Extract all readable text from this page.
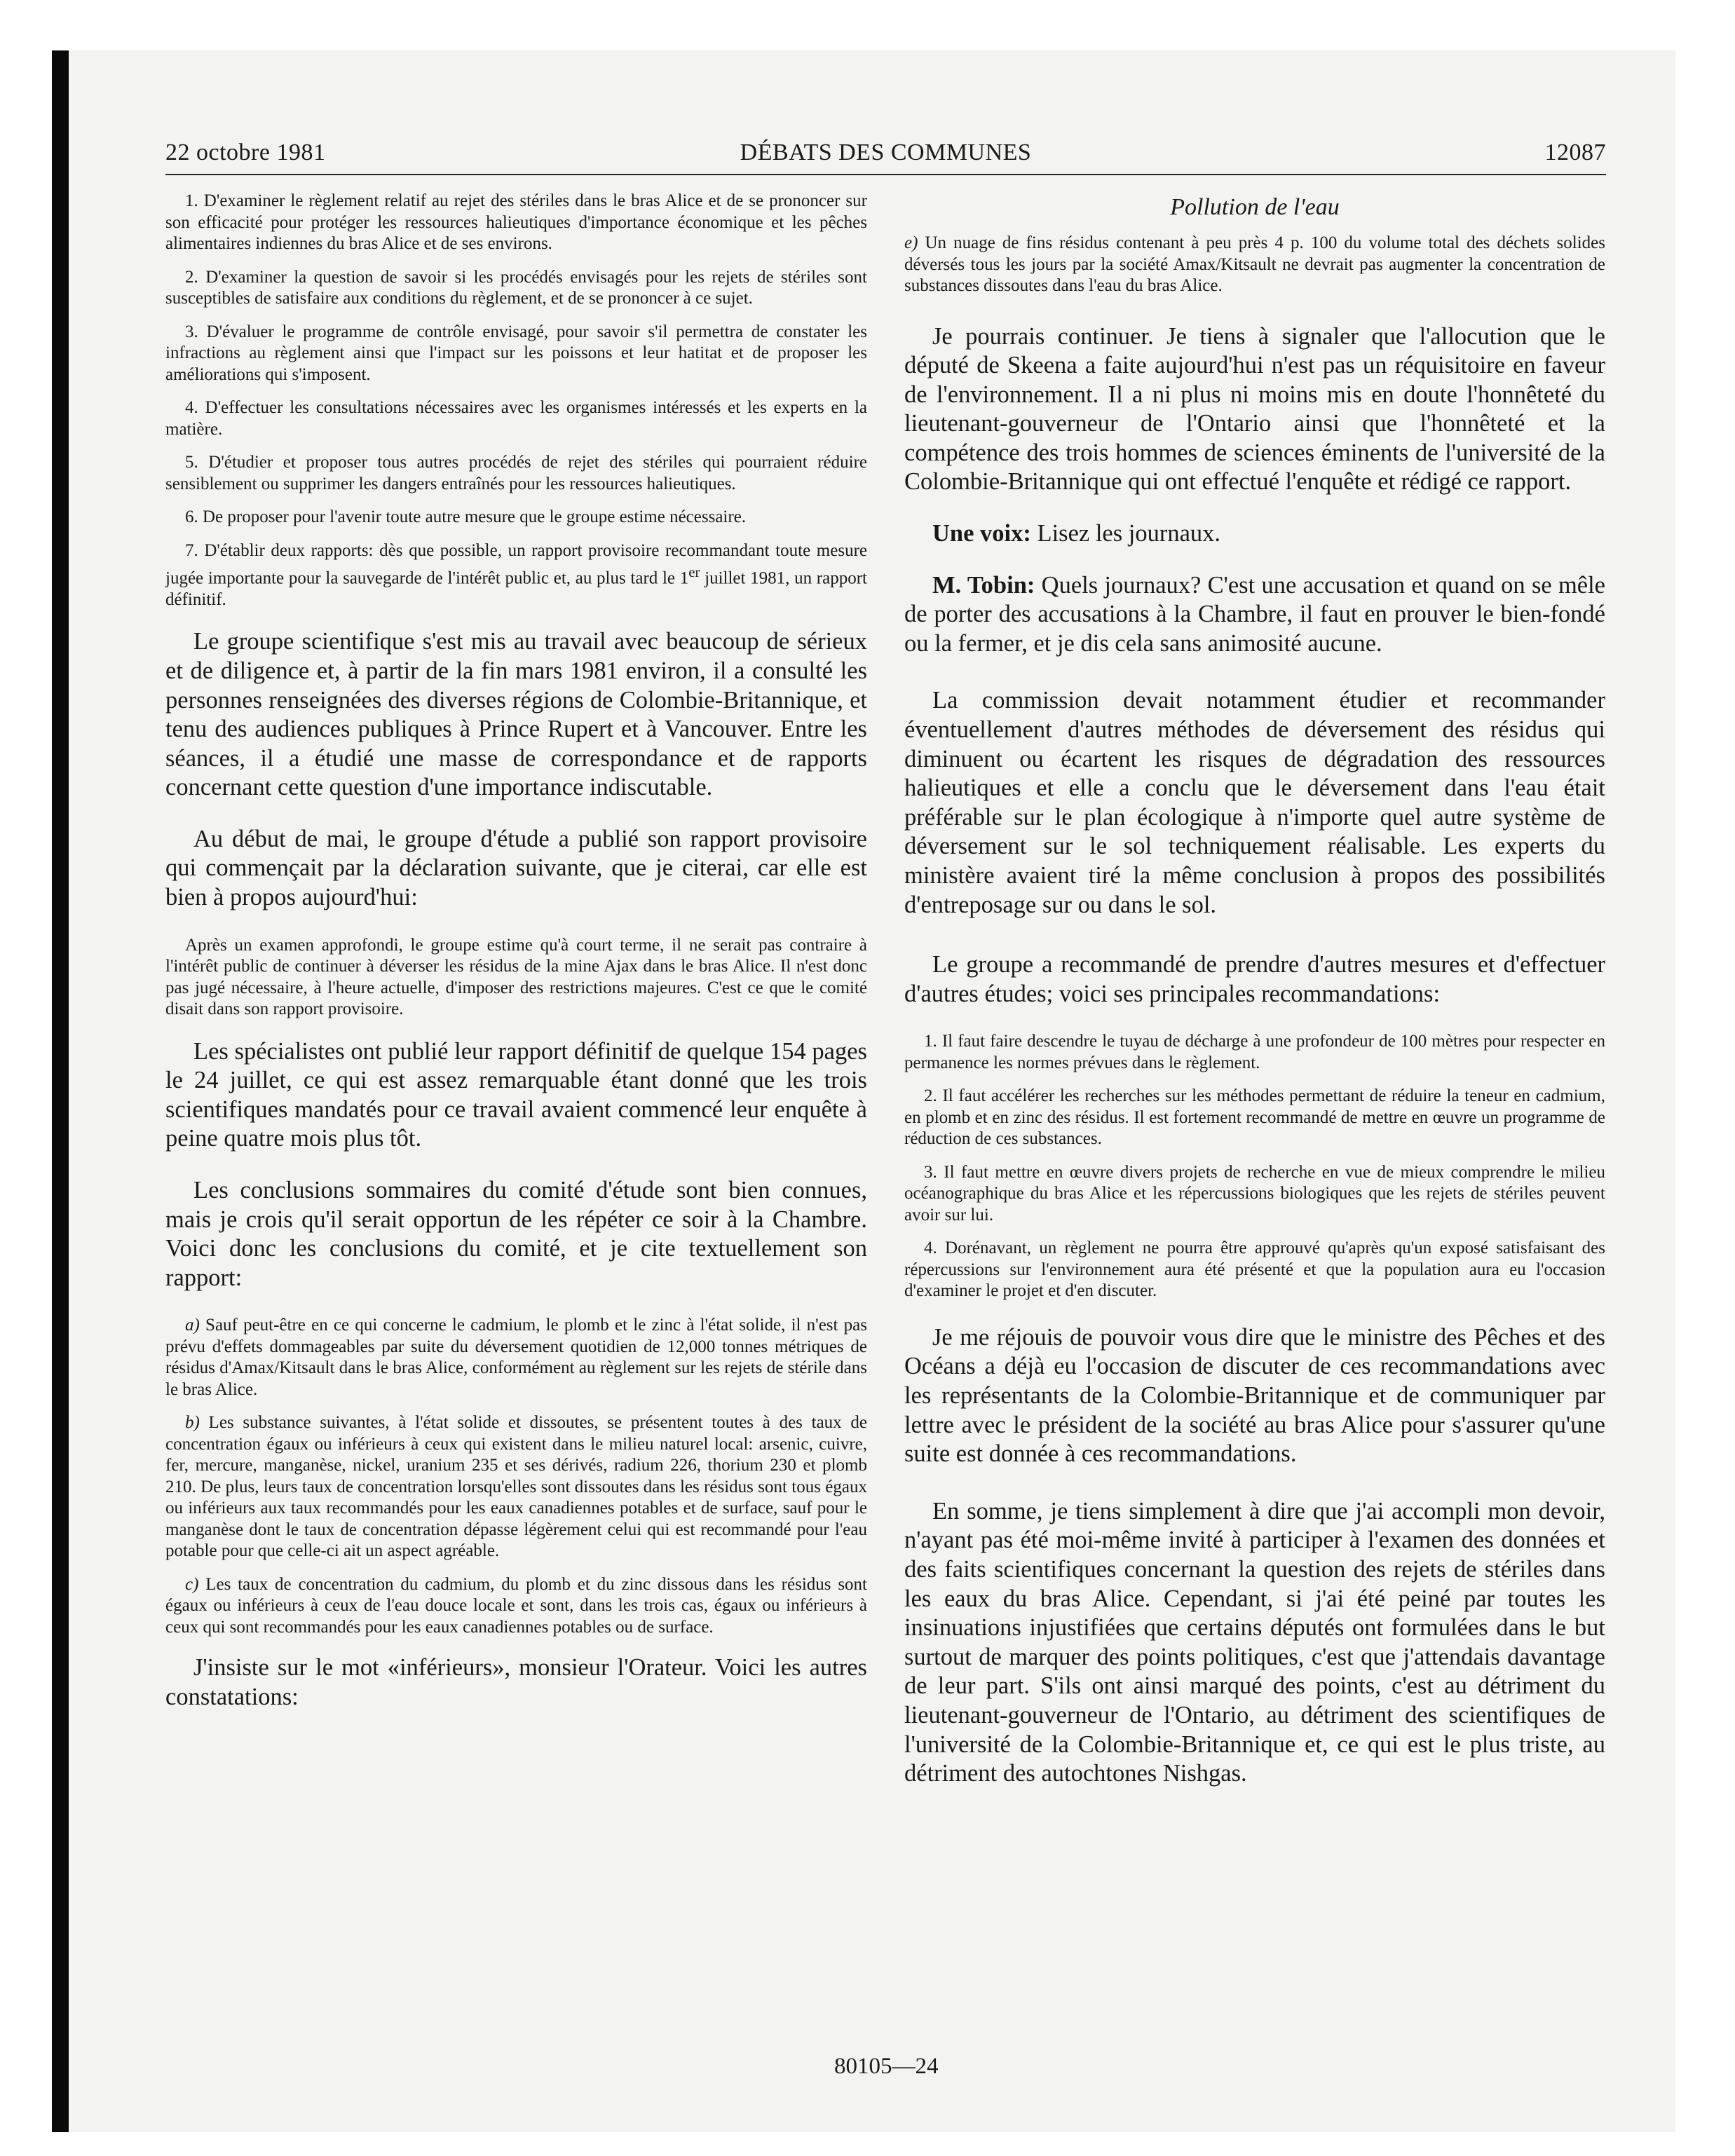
22 octobre 1981	DÉBATS DES COMMUNES	12087

1. D'examiner le règlement relatif au rejet des stériles dans le bras Alice et de se prononcer sur son efficacité pour protéger les ressources halieutiques d'importance économique et les pêches alimentaires indiennes du bras Alice et de ses environs.

2. D'examiner la question de savoir si les procédés envisagés pour les rejets de stériles sont susceptibles de satisfaire aux conditions du règlement, et de se prononcer à ce sujet.

3. D'évaluer le programme de contrôle envisagé, pour savoir s'il permettra de constater les infractions au règlement ainsi que l'impact sur les poissons et leur hatitat et de proposer les améliorations qui s'imposent.

4. D'effectuer les consultations nécessaires avec les organismes intéressés et les experts en la matière.

5. D'étudier et proposer tous autres procédés de rejet des stériles qui pourraient réduire sensiblement ou supprimer les dangers entraînés pour les ressources halieutiques.

6. De proposer pour l'avenir toute autre mesure que le groupe estime nécessaire.

7. D'établir deux rapports: dès que possible, un rapport provisoire recommandant toute mesure jugée importante pour la sauvegarde de l'intérêt public et, au plus tard le 1er juillet 1981, un rapport définitif.

Le groupe scientifique s'est mis au travail avec beaucoup de sérieux et de diligence et, à partir de la fin mars 1981 environ, il a consulté les personnes renseignées des diverses régions de Colombie-Britannique, et tenu des audiences publiques à Prince Rupert et à Vancouver. Entre les séances, il a étudié une masse de correspondance et de rapports concernant cette question d'une importance indiscutable.

Au début de mai, le groupe d'étude a publié son rapport provisoire qui commençait par la déclaration suivante, que je citerai, car elle est bien à propos aujourd'hui:

Après un examen approfondi, le groupe estime qu'à court terme, il ne serait pas contraire à l'intérêt public de continuer à déverser les résidus de la mine Ajax dans le bras Alice. Il n'est donc pas jugé nécessaire, à l'heure actuelle, d'imposer des restrictions majeures. C'est ce que le comité disait dans son rapport provisoire.

Les spécialistes ont publié leur rapport définitif de quelque 154 pages le 24 juillet, ce qui est assez remarquable étant donné que les trois scientifiques mandatés pour ce travail avaient commencé leur enquête à peine quatre mois plus tôt.

Les conclusions sommaires du comité d'étude sont bien connues, mais je crois qu'il serait opportun de les répéter ce soir à la Chambre. Voici donc les conclusions du comité, et je cite textuellement son rapport:

a) Sauf peut-être en ce qui concerne le cadmium, le plomb et le zinc à l'état solide, il n'est pas prévu d'effets dommageables par suite du déversement quotidien de 12,000 tonnes métriques de résidus d'Amax/Kitsault dans le bras Alice, conformément au règlement sur les rejets de stérile dans le bras Alice.

b) Les substance suivantes, à l'état solide et dissoutes, se présentent toutes à des taux de concentration égaux ou inférieurs à ceux qui existent dans le milieu naturel local: arsenic, cuivre, fer, mercure, manganèse, nickel, uranium 235 et ses dérivés, radium 226, thorium 230 et plomb 210. De plus, leurs taux de concentration lorsqu'elles sont dissoutes dans les résidus sont tous égaux ou inférieurs aux taux recommandés pour les eaux canadiennes potables et de surface, sauf pour le manganèse dont le taux de concentration dépasse légèrement celui qui est recommandé pour l'eau potable pour que celle-ci ait un aspect agréable.

c) Les taux de concentration du cadmium, du plomb et du zinc dissous dans les résidus sont égaux ou inférieurs à ceux de l'eau douce locale et sont, dans les trois cas, égaux ou inférieurs à ceux qui sont recommandés pour les eaux canadiennes potables ou de surface.

J'insiste sur le mot «inférieurs», monsieur l'Orateur. Voici les autres constatations:

Pollution de l'eau

e) Un nuage de fins résidus contenant à peu près 4 p. 100 du volume total des déchets solides déversés tous les jours par la société Amax/Kitsault ne devrait pas augmenter la concentration de substances dissoutes dans l'eau du bras Alice.

Je pourrais continuer. Je tiens à signaler que l'allocution que le député de Skeena a faite aujourd'hui n'est pas un réquisitoire en faveur de l'environnement. Il a ni plus ni moins mis en doute l'honnêteté du lieutenant-gouverneur de l'Ontario ainsi que l'honnêteté et la compétence des trois hommes de sciences éminents de l'université de la Colombie-Britannique qui ont effectué l'enquête et rédigé ce rapport.

Une voix: Lisez les journaux.

M. Tobin: Quels journaux? C'est une accusation et quand on se mêle de porter des accusations à la Chambre, il faut en prouver le bien-fondé ou la fermer, et je dis cela sans animosité aucune.

La commission devait notamment étudier et recommander éventuellement d'autres méthodes de déversement des résidus qui diminuent ou écartent les risques de dégradation des ressources halieutiques et elle a conclu que le déversement dans l'eau était préférable sur le plan écologique à n'importe quel autre système de déversement sur le sol techniquement réalisable. Les experts du ministère avaient tiré la même conclusion à propos des possibilités d'entreposage sur ou dans le sol.

Le groupe a recommandé de prendre d'autres mesures et d'effectuer d'autres études; voici ses principales recommandations:

1. Il faut faire descendre le tuyau de décharge à une profondeur de 100 mètres pour respecter en permanence les normes prévues dans le règlement.

2. Il faut accélérer les recherches sur les méthodes permettant de réduire la teneur en cadmium, en plomb et en zinc des résidus. Il est fortement recommandé de mettre en œuvre un programme de réduction de ces substances.

3. Il faut mettre en œuvre divers projets de recherche en vue de mieux comprendre le milieu océanographique du bras Alice et les répercussions biologiques que les rejets de stériles peuvent avoir sur lui.

4. Dorénavant, un règlement ne pourra être approuvé qu'après qu'un exposé satisfaisant des répercussions sur l'environnement aura été présenté et que la population aura eu l'occasion d'examiner le projet et d'en discuter.

Je me réjouis de pouvoir vous dire que le ministre des Pêches et des Océans a déjà eu l'occasion de discuter de ces recommandations avec les représentants de la Colombie-Britannique et de communiquer par lettre avec le président de la société au bras Alice pour s'assurer qu'une suite est donnée à ces recommandations.

En somme, je tiens simplement à dire que j'ai accompli mon devoir, n'ayant pas été moi-même invité à participer à l'examen des données et des faits scientifiques concernant la question des rejets de stériles dans les eaux du bras Alice. Cependant, si j'ai été peiné par toutes les insinuations injustifiées que certains députés ont formulées dans le but surtout de marquer des points politiques, c'est que j'attendais davantage de leur part. S'ils ont ainsi marqué des points, c'est au détriment du lieutenant-gouverneur de l'Ontario, au détriment des scientifiques de l'université de la Colombie-Britannique et, ce qui est le plus triste, au détriment des autochtones Nishgas.

80105—24
